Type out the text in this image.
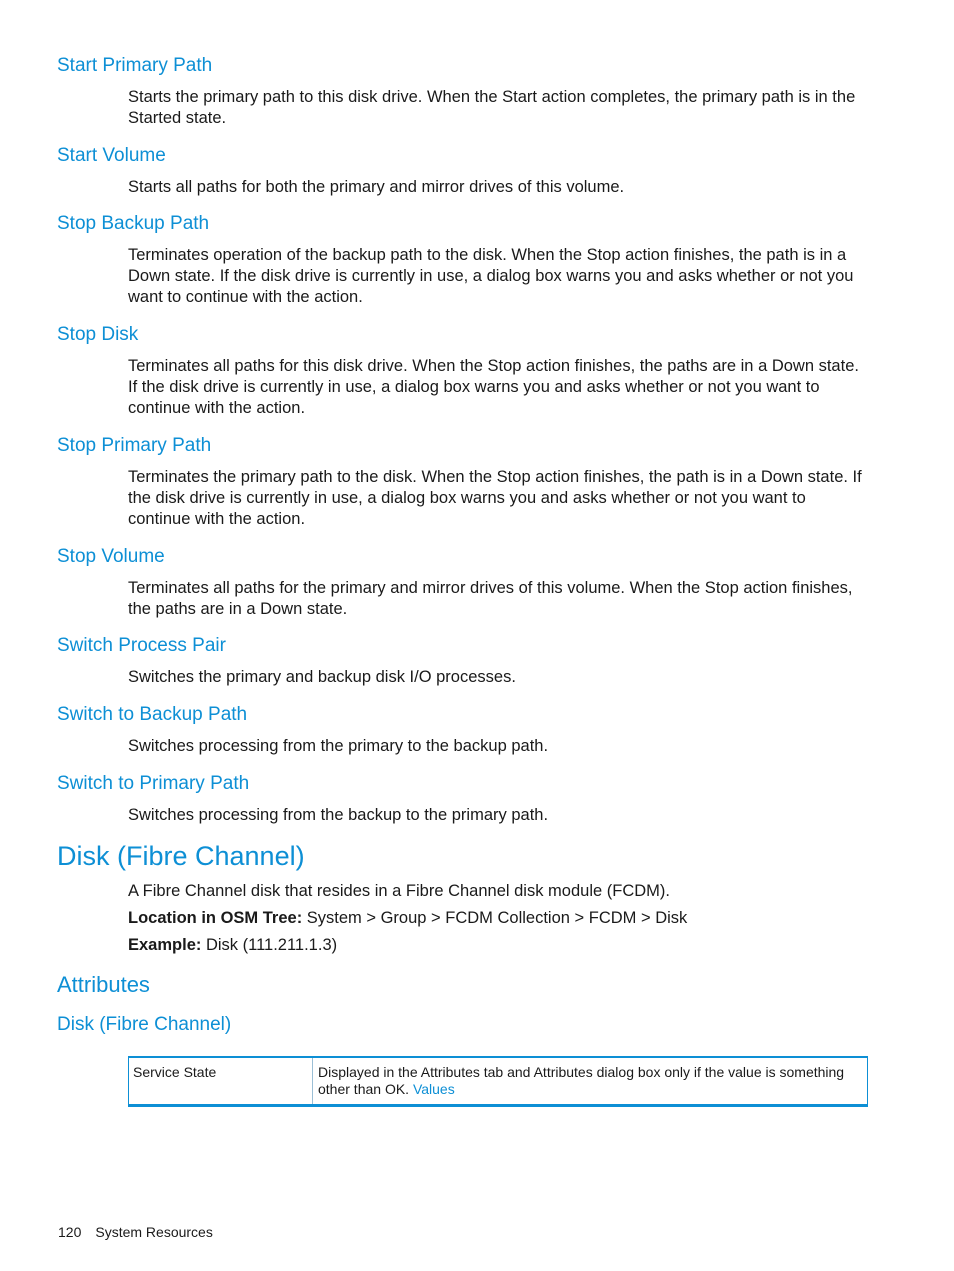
Start Primary Path

Starts the primary path to this disk drive. When the Start action completes, the primary path is in the Started state.

Start Volume

Starts all paths for both the primary and mirror drives of this volume.

Stop Backup Path

Terminates operation of the backup path to the disk. When the Stop action finishes, the path is in a Down state. If the disk drive is currently in use, a dialog box warns you and asks whether or not you want to continue with the action.

Stop Disk

Terminates all paths for this disk drive. When the Stop action finishes, the paths are in a Down state. If the disk drive is currently in use, a dialog box warns you and asks whether or not you want to continue with the action.

Stop Primary Path

Terminates the primary path to the disk. When the Stop action finishes, the path is in a Down state. If the disk drive is currently in use, a dialog box warns you and asks whether or not you want to continue with the action.

Stop Volume

Terminates all paths for the primary and mirror drives of this volume. When the Stop action finishes, the paths are in a Down state.

Switch Process Pair

Switches the primary and backup disk I/O processes.

Switch to Backup Path

Switches processing from the primary to the backup path.

Switch to Primary Path

Switches processing from the backup to the primary path.

Disk (Fibre Channel)

A Fibre Channel disk that resides in a Fibre Channel disk module (FCDM).

Location in OSM Tree: System > Group > FCDM Collection > FCDM > Disk

Example: Disk (111.211.1.3)

Attributes
Disk (Fibre Channel)
Service State	Displayed in the Attributes tab and Attributes dialog box only if the value is something other than OK. Values
120 System Resources
